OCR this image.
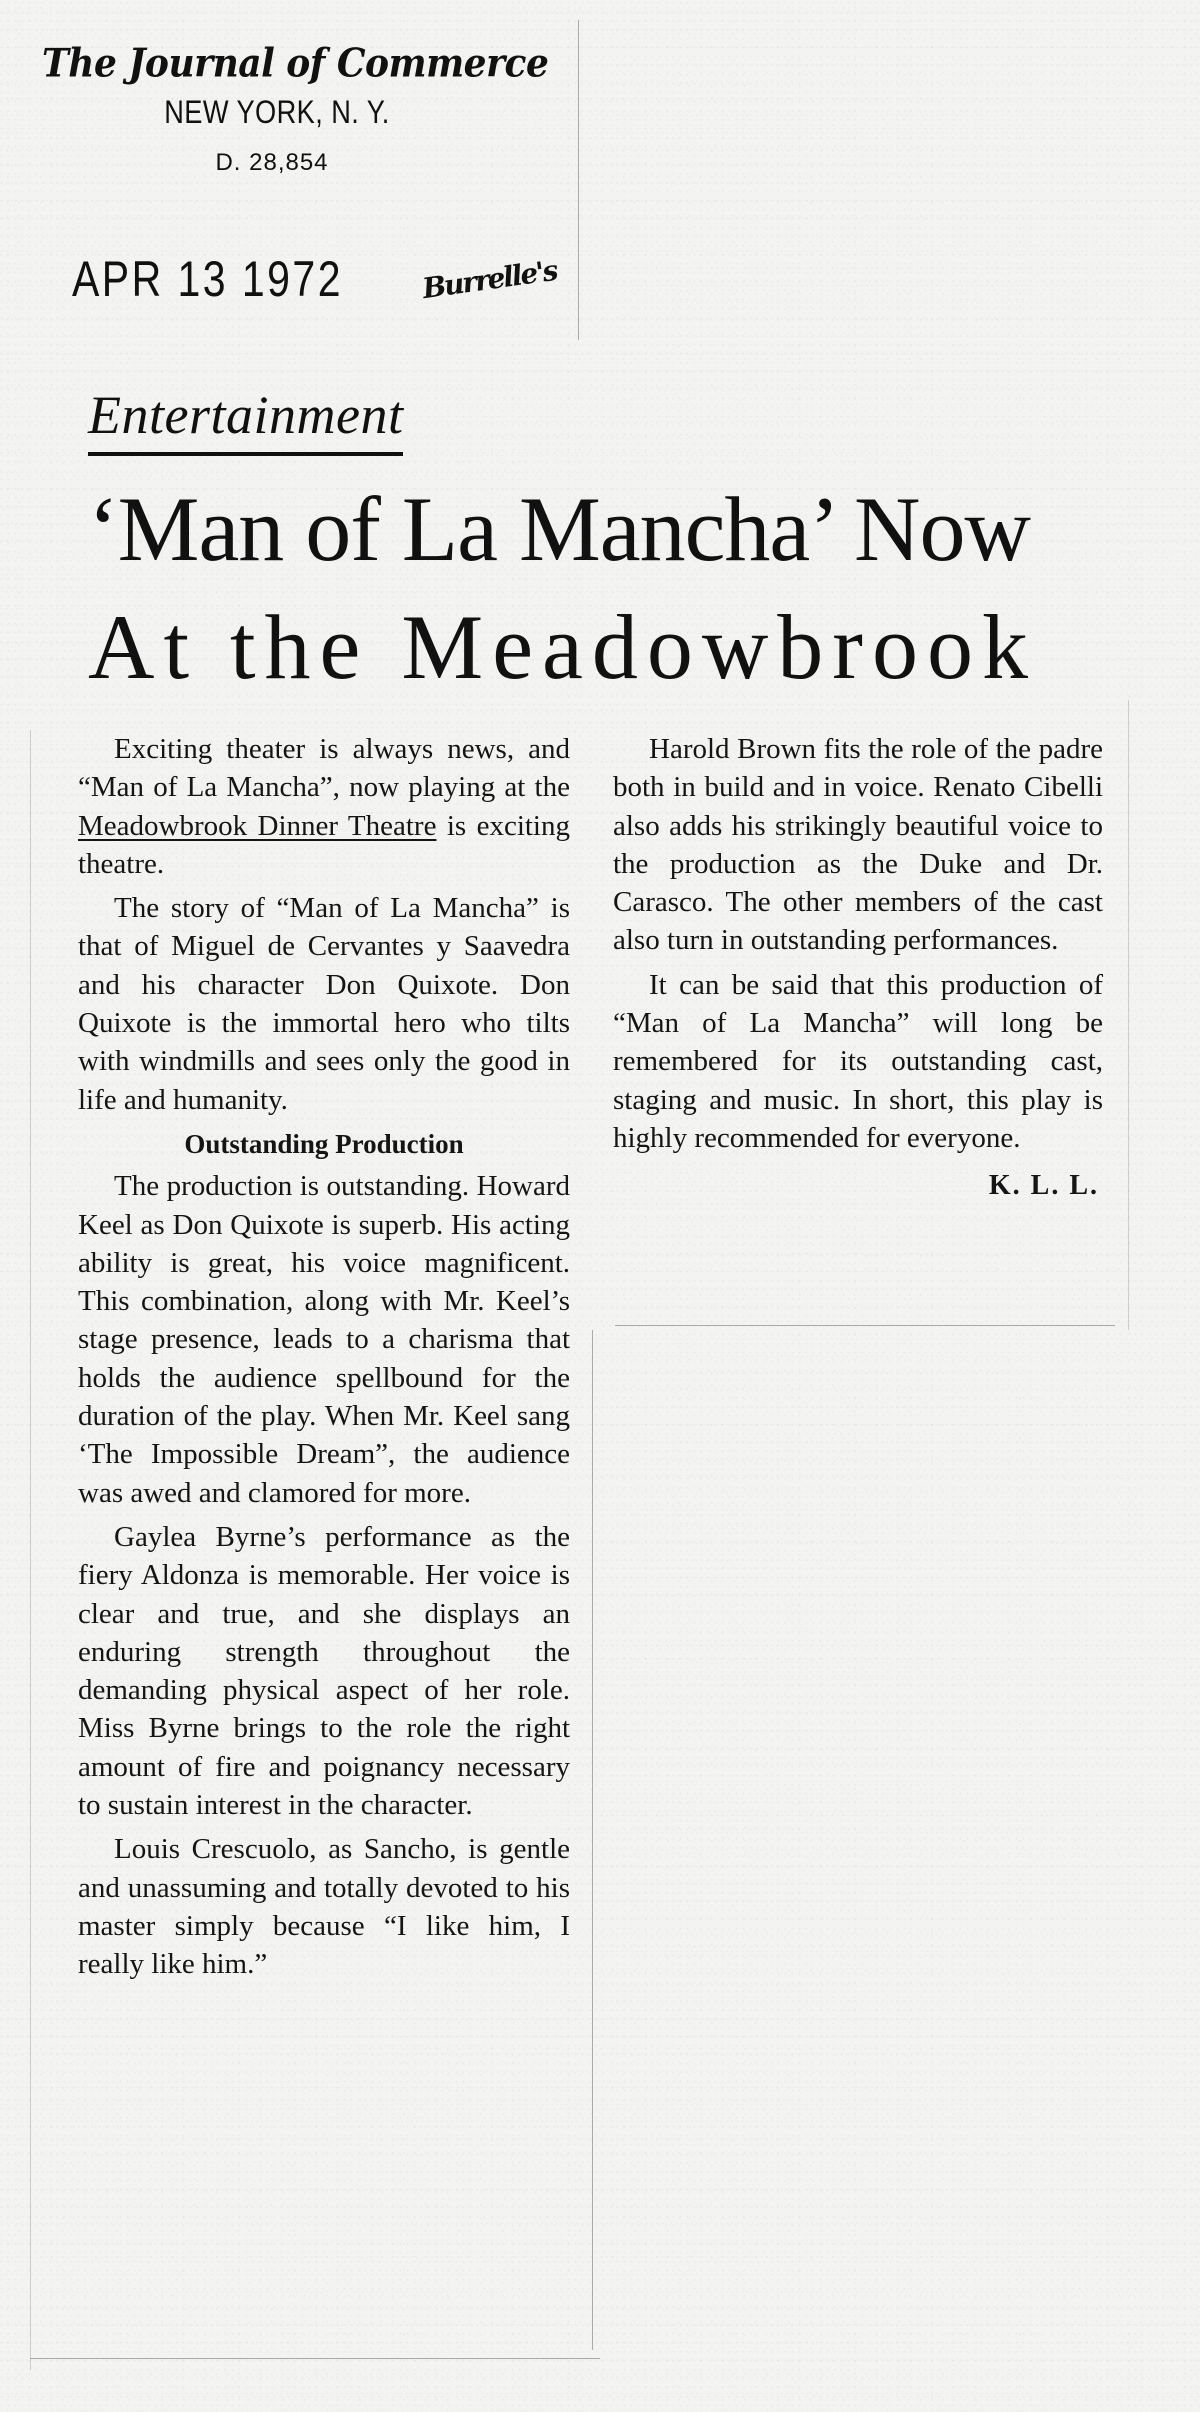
The Journal of Commerce
NEW YORK, N. Y.
D. 28,854
APR 13 1972	Burrelle's
Entertainment
‘Man of La Mancha’ Now
At the Meadowbrook

Exciting theater is always news, and “Man of La Mancha”, now playing at the Meadowbrook Dinner Theatre is exciting theatre.

The story of “Man of La Mancha” is that of Miguel de Cervantes y Saavedra and his character Don Quixote. Don Quixote is the immortal hero who tilts with windmills and sees only the good in life and humanity.

Outstanding Production

The production is outstanding. Howard Keel as Don Quixote is superb. His acting ability is great, his voice magnificent. This combination, along with Mr. Keel’s stage presence, leads to a charisma that holds the audience spellbound for the duration of the play. When Mr. Keel sang ‘The Impossible Dream”, the audience was awed and clamored for more.

Gaylea Byrne’s performance as the fiery Aldonza is memorable. Her voice is clear and true, and she displays an enduring strength throughout the demanding physical aspect of her role. Miss Byrne brings to the role the right amount of fire and poignancy necessary to sustain interest in the character.

Louis Crescuolo, as Sancho, is gentle and unassuming and totally devoted to his master simply because “I like him, I really like him.”

Harold Brown fits the role of the padre both in build and in voice. Renato Cibelli also adds his strikingly beautiful voice to the production as the Duke and Dr. Carasco. The other members of the cast also turn in outstanding performances.

It can be said that this production of “Man of La Mancha” will long be remembered for its outstanding cast, staging and music. In short, this play is highly recommended for everyone.

K. L. L.
